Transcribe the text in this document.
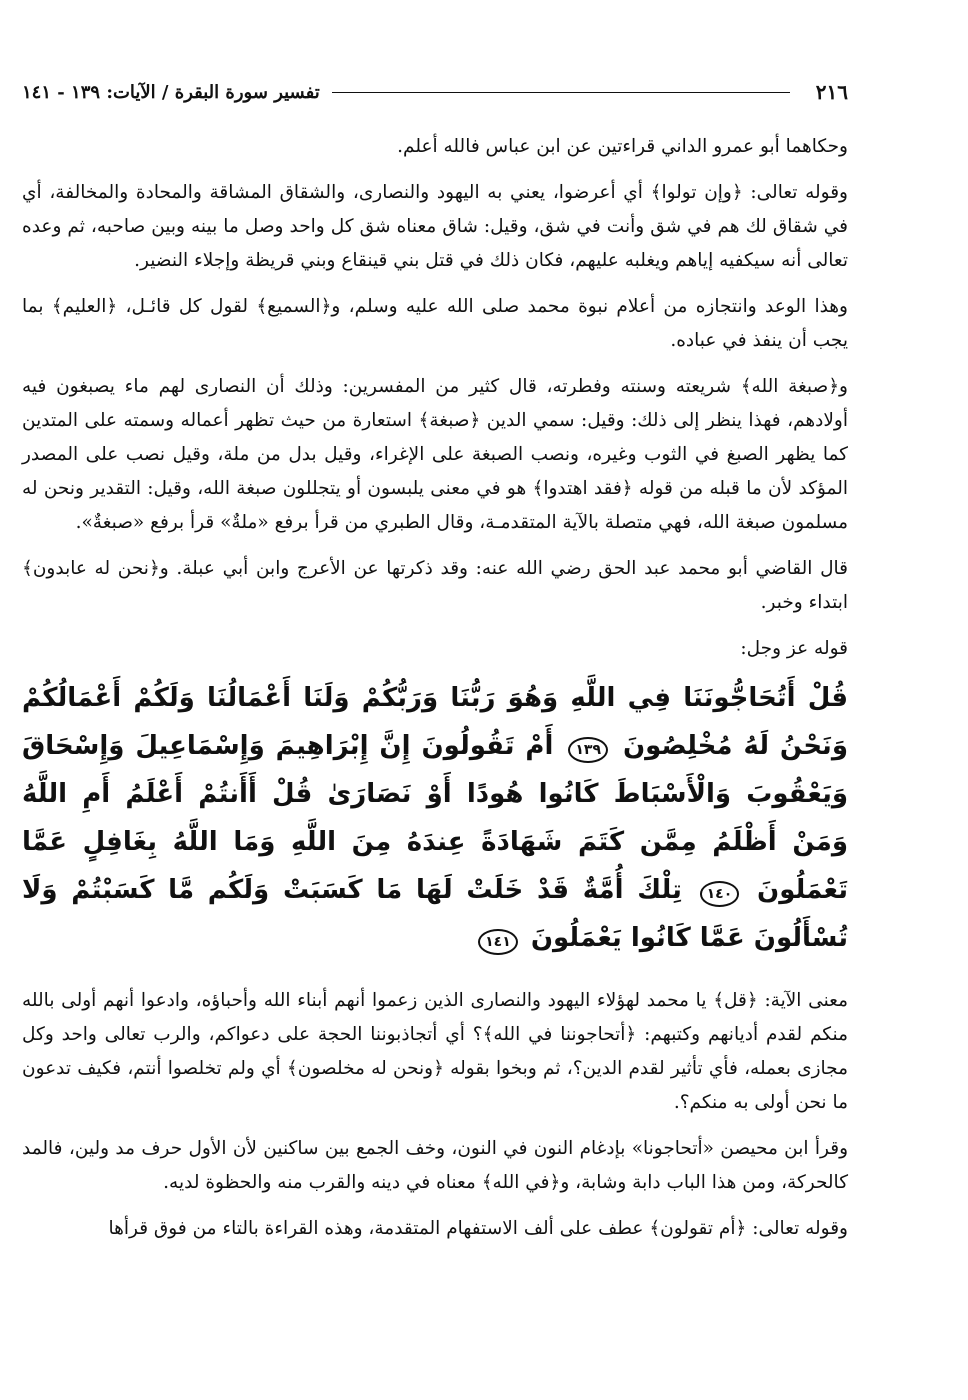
٢١٦
تفسير سورة البقرة / الآيات: ١٣٩ - ١٤١

وحكاهما أبو عمرو الداني قراءتين عن ابن عباس فالله أعلم.

وقوله تعالى: ﴿وإن تولوا﴾ أي أعرضوا، يعني به اليهود والنصارى، والشقاق المشاقة والمحادة والمخالفة، أي في شقاق لك هم في شق وأنت في شق، وقيل: شاق معناه شق كل واحد وصل ما بينه وبين صاحبه، ثم وعده تعالى أنه سيكفيه إياهم ويغلبه عليهم، فكان ذلك في قتل بني قينقاع وبني قريظة وإجلاء النضير.

وهذا الوعد وانتجازه من أعلام نبوة محمد صلى الله عليه وسلم، و﴿السميع﴾ لقول كل قائـل، ﴿العليم﴾ بما يجب أن ينفذ في عباده.

و﴿صبغة الله﴾ شريعته وسنته وفطرته، قال كثير من المفسرين: وذلك أن النصارى لهم ماء يصبغون فيه أولادهم، فهذا ينظر إلى ذلك: وقيل: سمي الدين ﴿صبغة﴾ استعارة من حيث تظهر أعماله وسمته على المتدين كما يظهر الصبغ في الثوب وغيره، ونصب الصبغة على الإغراء، وقيل بدل من ملة، وقيل نصب على المصدر المؤكد لأن ما قبله من قوله ﴿فقد اهتدوا﴾ هو في معنى يلبسون أو يتجللون صبغة الله، وقيل: التقدير ونحن له مسلمون صبغة الله، فهي متصلة بالآية المتقدمـة، وقال الطبري من قرأ برفع «ملةٌ» قرأ برفع «صبغةٌ».

قال القاضي أبو محمد عبد الحق رضي الله عنه: وقد ذكرتها عن الأعرج وابن أبي عبلة. و﴿نحن له عابدون﴾ ابتداء وخبر.

قوله عز وجل:
قُلْ أَتُحَاجُّونَنَا فِي اللَّهِ وَهُوَ رَبُّنَا وَرَبُّكُمْ وَلَنَا أَعْمَالُنَا وَلَكُمْ أَعْمَالُكُمْ وَنَحْنُ لَهُ مُخْلِصُونَ ١٣٩ أَمْ تَقُولُونَ إِنَّ إِبْرَاهِيمَ وَإِسْمَاعِيلَ وَإِسْحَاقَ وَيَعْقُوبَ وَالْأَسْبَاطَ كَانُوا هُودًا أَوْ نَصَارَىٰ قُلْ أَأَنتُمْ أَعْلَمُ أَمِ اللَّهُ وَمَنْ أَظْلَمُ مِمَّن كَتَمَ شَهَادَةً عِندَهُ مِنَ اللَّهِ وَمَا اللَّهُ بِغَافِلٍ عَمَّا تَعْمَلُونَ ١٤٠ تِلْكَ أُمَّةٌ قَدْ خَلَتْ لَهَا مَا كَسَبَتْ وَلَكُم مَّا كَسَبْتُمْ وَلَا تُسْأَلُونَ عَمَّا كَانُوا يَعْمَلُونَ ١٤١

معنى الآية: ﴿قل﴾ يا محمد لهؤلاء اليهود والنصارى الذين زعموا أنهم أبناء الله وأحباؤه، وادعوا أنهم أولى بالله منكم لقدم أديانهم وكتبهم: ﴿أتحاجوننا في الله﴾؟ أي أتجاذبوننا الحجة على دعواكم، والرب تعالى واحد وكل مجازى بعمله، فأي تأثير لقدم الدين؟، ثم وبخوا بقوله ﴿ونحن له مخلصون﴾ أي ولم تخلصوا أنتم، فكيف تدعون ما نحن أولى به منكم؟.

وقرأ ابن محيصن «أتحاجونا» بإدغام النون في النون، وخف الجمع بين ساكنين لأن الأول حرف مد ولين، فالمد كالحركة، ومن هذا الباب دابة وشابة، و﴿في الله﴾ معناه في دينه والقرب منه والحظوة لديه.

وقوله تعالى: ﴿أم تقولون﴾ عطف على ألف الاستفهام المتقدمة، وهذه القراءة بالتاء من فوق قرأها
